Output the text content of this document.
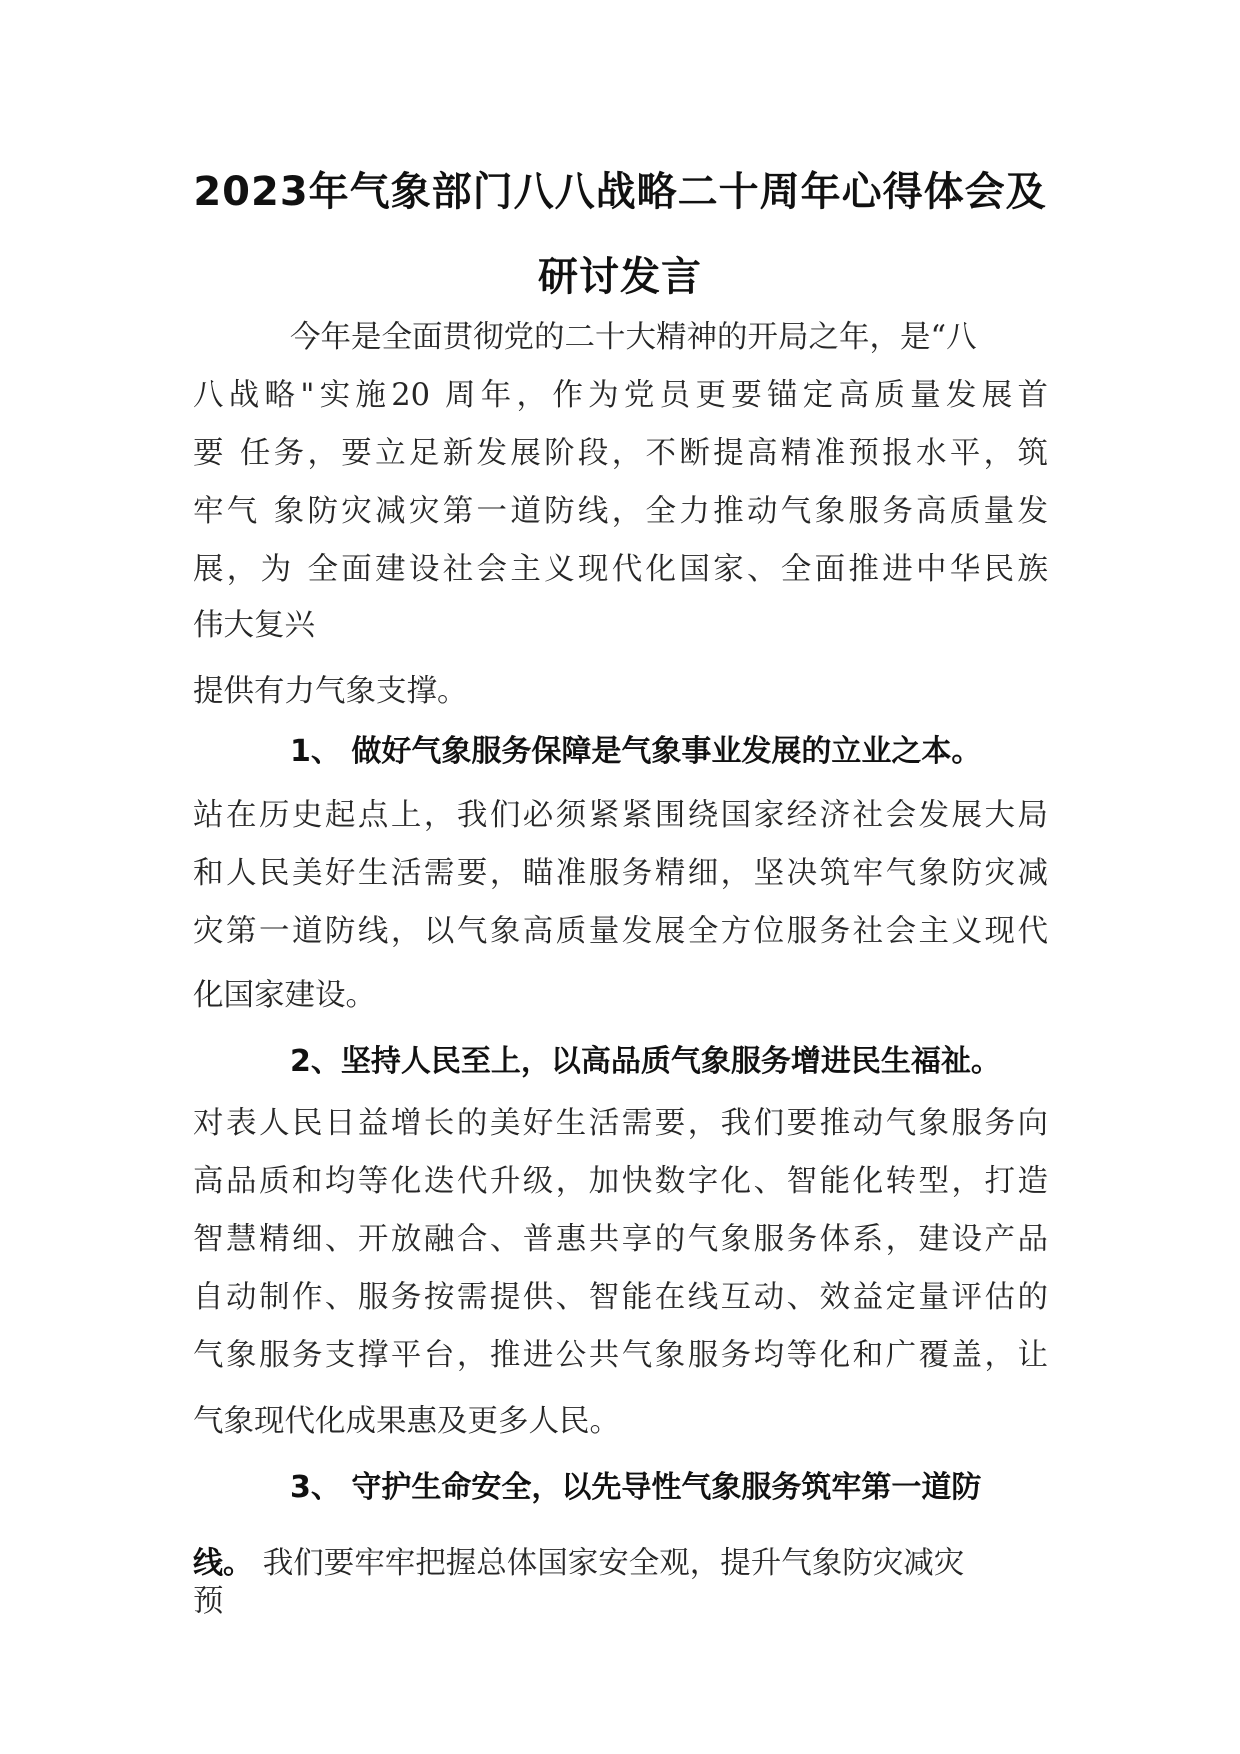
2023年气象部门八八战略二十周年心得体会及
研讨发言
今年是全面贯彻党的二十大精神的开局之年，是“八
八战略"实施20 周年，作为党员更要锚定高质量发展首
要 任务，要立足新发展阶段，不断提高精准预报水平，筑
牢气 象防灾减灾第一道防线，全力推动气象服务高质量发
展，为 全面建设社会主义现代化国家、全面推进中华民族
伟大复兴
提供有力气象支撑。
1、 做好气象服务保障是气象事业发展的立业之本。
站在历史起点上，我们必须紧紧围绕国家经济社会发展大局
和人民美好生活需要，瞄准服务精细，坚决筑牢气象防灾减
灾第一道防线，以气象高质量发展全方位服务社会主义现代
化国家建设。
2、坚持人民至上，以高品质气象服务增进民生福祉。
对表人民日益增长的美好生活需要，我们要推动气象服务向
高品质和均等化迭代升级，加快数字化、智能化转型，打造
智慧精细、开放融合、普惠共享的气象服务体系，建设产品
自动制作、服务按需提供、智能在线互动、效益定量评估的
气象服务支撑平台，推进公共气象服务均等化和广覆盖，让
气象现代化成果惠及更多人民。
3、 守护生命安全，以先导性气象服务筑牢第一道防
线。 我们要牢牢把握总体国家安全观，提升气象防灾减灾
预
